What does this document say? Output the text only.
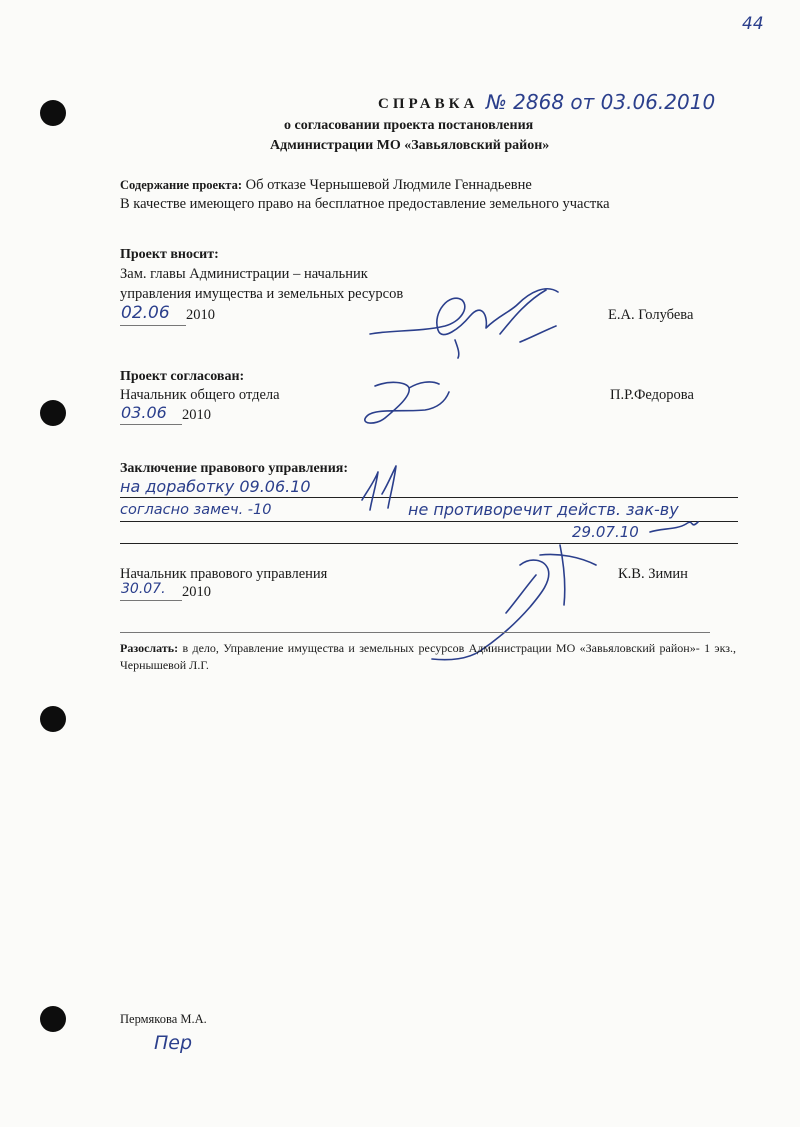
44
СПРАВКА № 2868 от 03.06.2010
о согласовании проекта постановления
Администрации МО «Завьяловский район»
Содержание проекта: Об отказе Чернышевой Людмиле Геннадьевне
В качестве имеющего право на бесплатное предоставление земельного участка
Проект вносит:
Зам. главы Администрации – начальник
управления имущества и земельных ресурсов
02.06 2010	Е.А. Голубева
Проект согласован:
Начальник общего отдела
03.06 2010
П.Р.Федорова
Заключение правового управления:
на доработку 09.06.10
согласно замеч. -10	не противоречит действ. зак-ву
29.07.10
Начальник правового управления
30.07. 2010
К.В. Зимин
Разослать: в дело, Управление имущества и земельных ресурсов Администрации МО «Завьяловский район»- 1 экз., Чернышевой Л.Г.
Пермякова М.А.
Пер
